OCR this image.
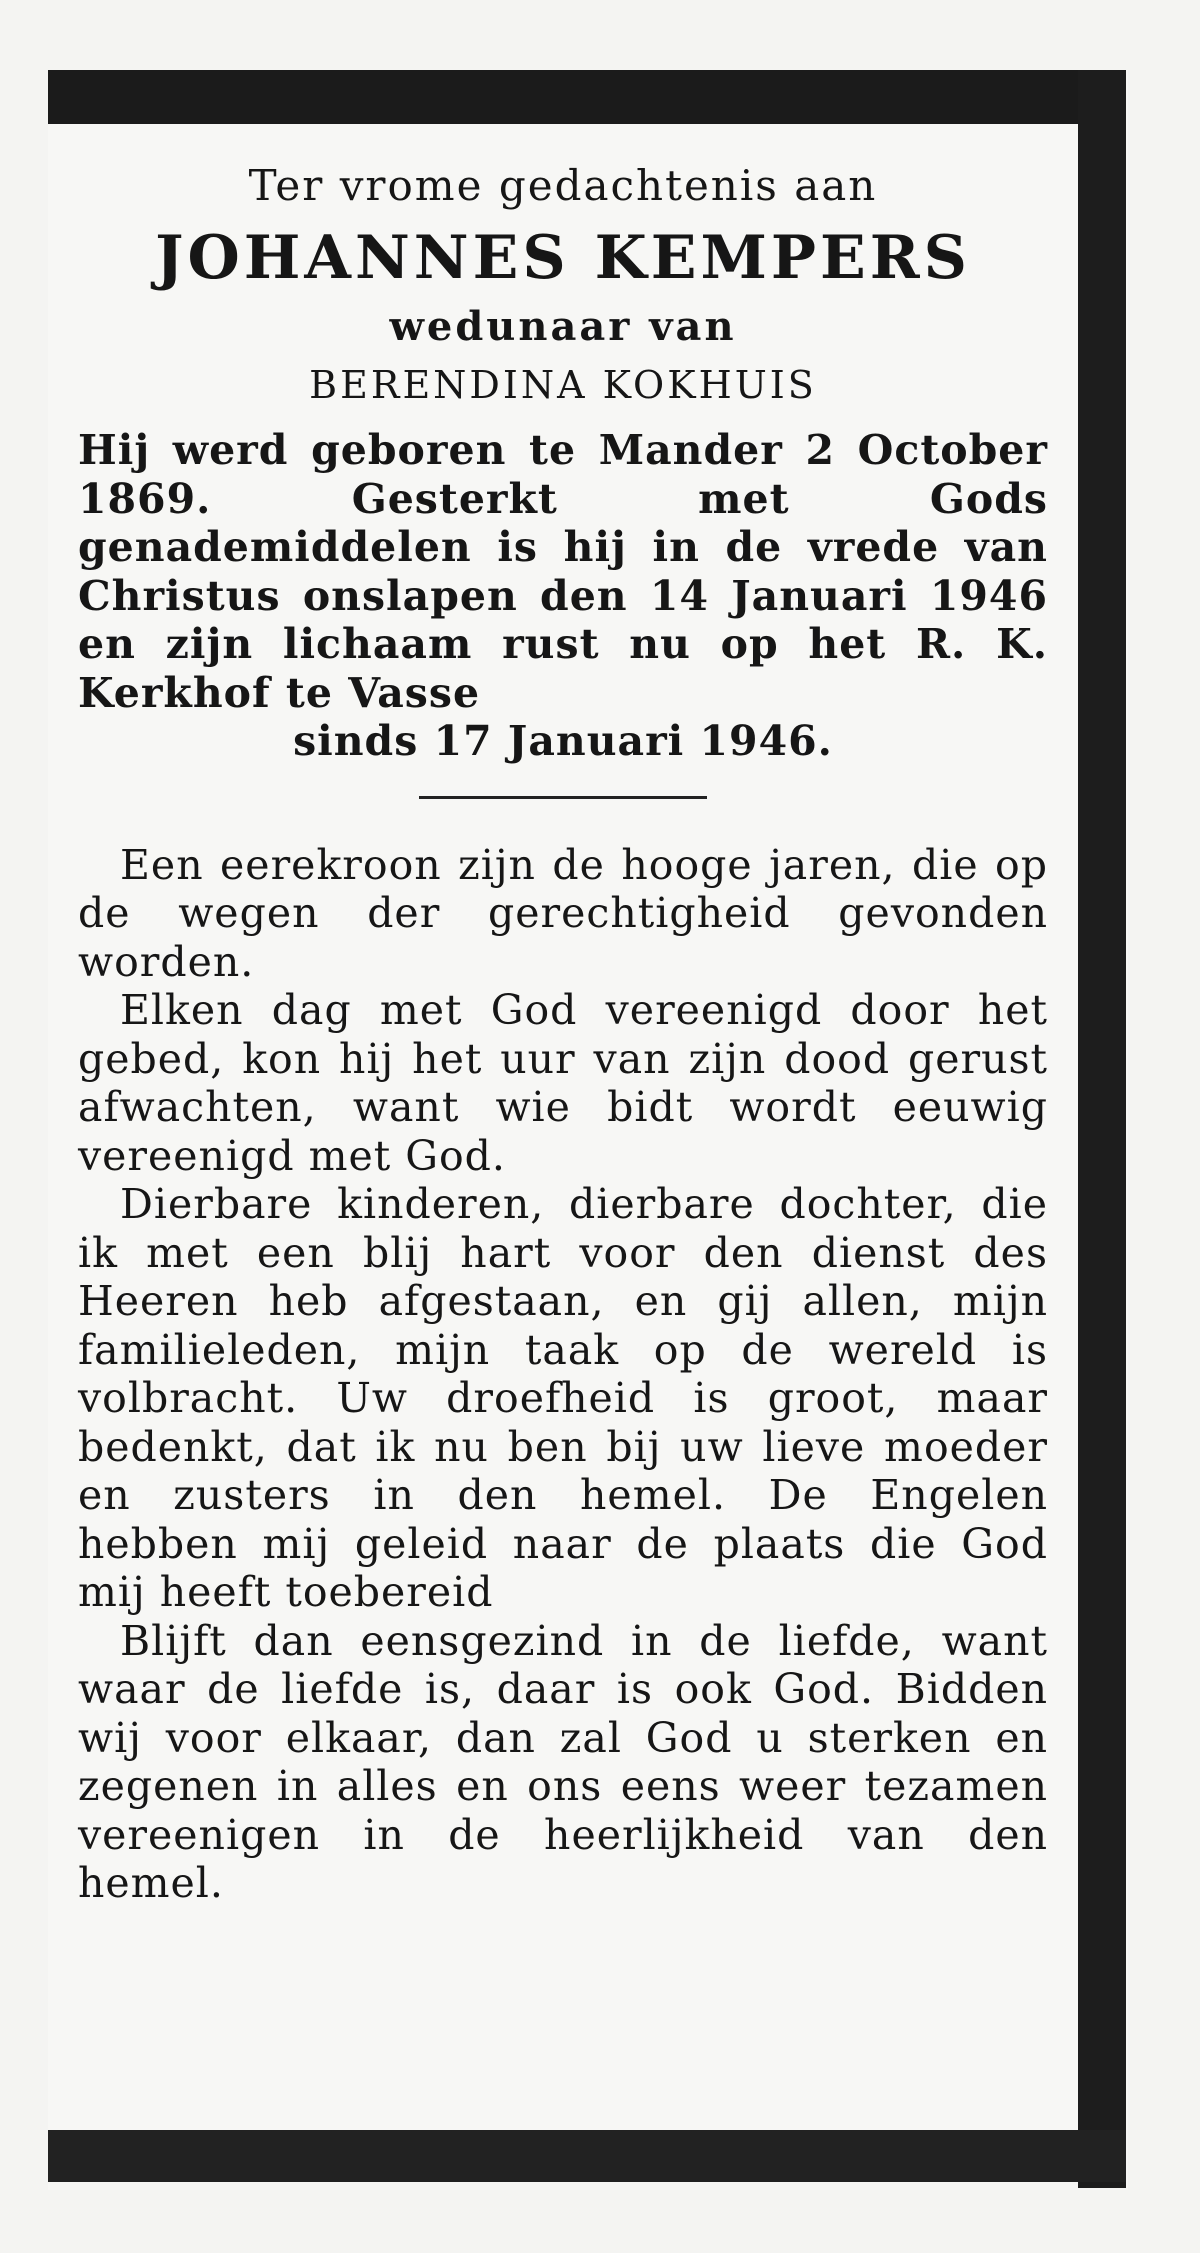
Ter vrome gedachtenis aan

JOHANNES KEMPERS

wedunaar van

BERENDINA KOKHUIS

Hij werd geboren te Mander 2 October 1869. Gesterkt met Gods genademiddelen is hij in de vrede van Christus onslapen den 14 Januari 1946 en zijn lichaam rust nu op het R. K. Kerkhof te Vasse

sinds 17 Januari 1946.

Een eerekroon zijn de hooge jaren, die op de wegen der gerechtigheid gevonden worden.

Elken dag met God vereenigd door het gebed, kon hij het uur van zijn dood gerust afwachten, want wie bidt wordt eeuwig vereenigd met God.

Dierbare kinderen, dierbare dochter, die ik met een blij hart voor den dienst des Heeren heb afgestaan, en gij allen, mijn familieleden, mijn taak op de wereld is volbracht. Uw droefheid is groot, maar bedenkt, dat ik nu ben bij uw lieve moeder en zusters in den hemel. De Engelen hebben mij geleid naar de plaats die God mij heeft toebereid

Blijft dan eensgezind in de liefde, want waar de liefde is, daar is ook God. Bidden wij voor elkaar, dan zal God u sterken en zegenen in alles en ons eens weer tezamen vereenigen in de heerlijkheid van den hemel.
